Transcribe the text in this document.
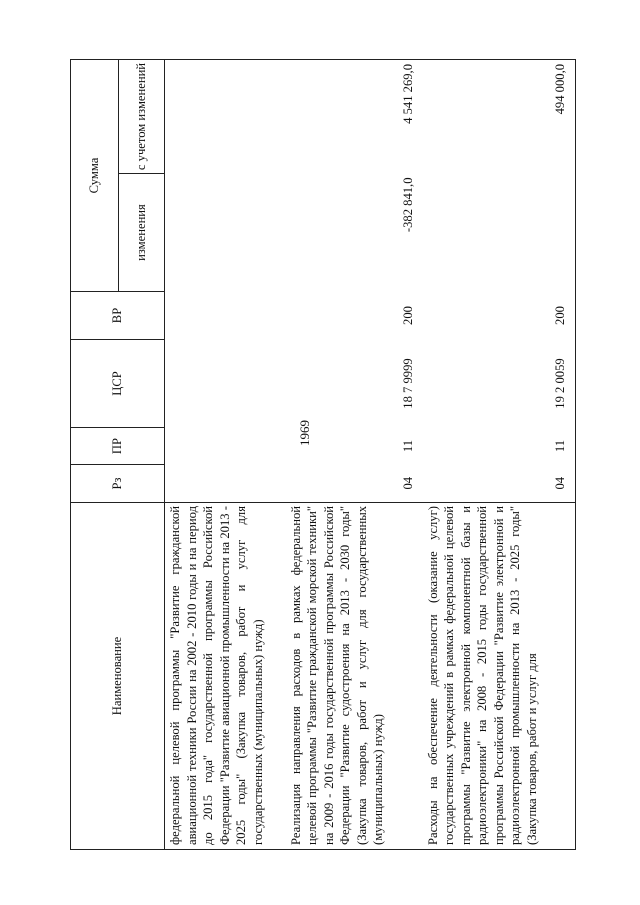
1969
Наименование	Рз	ПР	ЦСР	ВР	Сумма	
					изменения	с учетом изменений
федеральной целевой программы "Развитие гражданской авиационной техники России на 2002 - 2010 годы и на период до 2015 года" государственной программы Российской Федерации "Развитие авиационной промышленности на 2013 - 2025 годы" (Закупка товаров, работ и услуг для государственных (муниципальных) нужд)						
Реализация направления расходов в рамках федеральной целевой программы "Развитие гражданской морской техники" на 2009 - 2016 годы государственной программы Российской Федерации "Развитие судостроения на 2013 - 2030 годы" (Закупка товаров, работ и услуг для государственных (муниципальных) нужд)	04	11	18 7 9999	200	-382 841,0	4 541 269,0
Расходы на обеспечение деятельности (оказание услуг) государственных учреждений в рамках федеральной целевой программы "Развитие электронной компонентной базы и радиоэлектроники" на 2008 - 2015 годы государственной программы Российской Федерации "Развитие электронной и радиоэлектронной промышленности на 2013 - 2025 годы" (Закупка товаров, работ и услуг для	04	11	19 2 0059	200		494 000,0
